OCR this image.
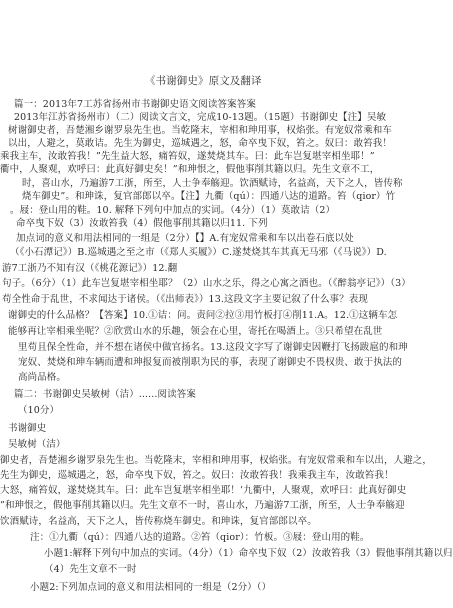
《书谢御史》原文及翻译
篇一：2013年7工苏省扬州市书谢御史语文阅读答案答案
2013年江苏省扬州市）（二）阅读文言文，完成10-13题。（15题）书谢御史【注】吴敏
树谢御史者，吾楚湘乡谢罗泉先生也。当乾隆末，宰相和珅用事，权焰张。有宠奴常乘和车
以出，人避之，莫敢诘。先生为御史，巡城遇之，怒，命卒曳下奴，笞之。奴曰：敢笞我！
乘我主车，汝敢笞我！”先生益大怒，痛笞奴，遂焚烧其车。曰：此车岂复堪宰相坐耶！”
衢中，人聚观，欢呼曰：此真好御史矣！”和珅恨之，假他事削其籍以归。先生文章不工，
时，喜山水，乃遍游7工浙，所至，人士争奉觞迎。饮酒赋诗，名益高，天下之人，皆传称
烧车御史”。和珅诛，复官部郎以卒。【注】九衢（qú）：四通八达的道路。笞（qior）竹
。屐：登山用的鞋。10. 解释下列句中加点的实词。（4分）（1）莫敢诘（2）
命卒曳下奴（3）汝敢笞我（4）假他事削其籍以归11. 下列
加点词的意义和用法相同的一组是（2分）【】A.有宠奴常乘和车以出卷石底以处
（《小石潭记》）B.巡城遇之至之市（《郑人买履》）C.遂焚烧其车其真无马邪（《马说》）D.
游7工浙乃不知有汉（《桃花源记》）12.翻
句子。（6分）（1）此车岂复堪宰相坐耶？（2）山水之乐，得之心寓之酒也。（《醉翁亭记》）（3）
苟全性命于乱世，不求闻达于诸侯。（《出师表》）13.这段文字主要记叙了什么事？表现
谢御史的什么品格？【答案】10.①诘：问。责问②拉③用竹板打④削11.A。12.①这辆车怎
能够再让宰相乘坐呢？②欣赏山水的乐趣，领会在心里，寄托在喝酒上。③只希望在乱世
里苟且保全性命，并不想在诸侯中做官扬名。13.这段文字写了谢御史因鞭打飞扬跋扈的和珅
宠奴、焚烧和珅车辆而遭和珅报复而被削职为民的事，表现了谢御史不畏权贵、敢于执法的
高尚品格。
篇二：书谢御史吴敏树（洁）......阅读答案
（10分）
书谢御史
吴敏树（洁）
御史者，吾楚湘乡谢罗泉先生也。当乾隆末，宰相和珅用事，权焰张。有宠奴常乘和车以出，人避之，
先生为御史，巡城遇之，怒，命卒曳下奴，笞之。奴曰：汝敢笞我！我乘我主车，汝敢笞我！
大怒，痛笞奴，遂焚烧其车。曰：此车岂复堪宰相坐耶！’九衢中，人聚观，欢呼曰：此真好御史
”和珅恨之，假他事削其籍以归。先生文章不一时，喜山水，乃遍游7工浙，所至，人士争奉觞迎
饮酒赋诗，名益高，天下之人，皆传称烧车御史。和珅诛，复官部郎以卒。
注：①九衢（qú）：四通八达的道路。②笞（qior）：竹板。③屐：登山用的鞋。
小题1:解释下列句中加点的实词。（4分）（1）命卒曳下奴（2）汝敢笞我（3）假他事削其籍以归
（4）先生文章不一时
小题2:下列加点词的意义和用法相同的一组是（2分）（）
